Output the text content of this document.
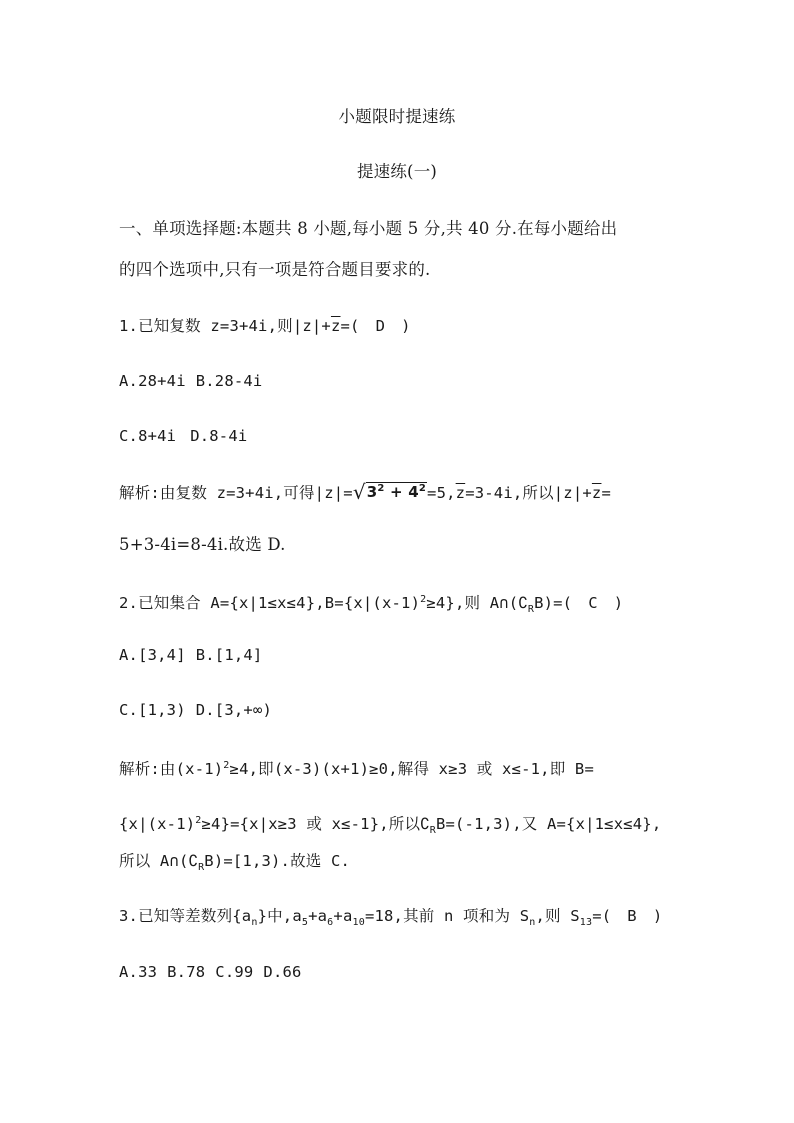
小题限时提速练
提速练(一)
一、单项选择题:本题共 8 小题,每小题 5 分,共 40 分.在每小题给出
的四个选项中,只有一项是符合题目要求的.
1.已知复数 z=3+4i,则$|z|+\overline{z}=$( D )
A.28+4i B.28-4i
C.8+4i D.8-4i
解析:由复数 z=3+4i,可得$|z|=√3^2 + 4^2=5,\overline{z}=3-4i$,所以$|z|+\overline{z}=$
5+3-4i=8-4i.故选 D.
2.已知集合 $A=\{x|1\le x\le 4\},B=\{x|(x-1)^2\ge 4\}$,则 $A\cap(∁_RB)=$( C )
A.[3,4] B.[1,4]
C.[1,3) D.[3,+∞)
解析:由$(x-1)^2\ge 4$,即(x-3)(x+1)≥0,解得 x≥3 或 x≤-1,即 B=
$\{x|(x-1)^2\ge 4\}=\{x|x\ge 3$ 或 x≤-1},所以$∁_RB=(-1,3)$,又 A={x|1≤x≤4},
所以 $A\cap(∁_RB)=[1,3)$.故选 C.
3.已知等差数列$\{a_n\}$中$,a_5+a_6+a_{10}=18$,其前 n 项和为 $S_n$,则 $S_{13}=$( B )
A.33 B.78 C.99 D.66
